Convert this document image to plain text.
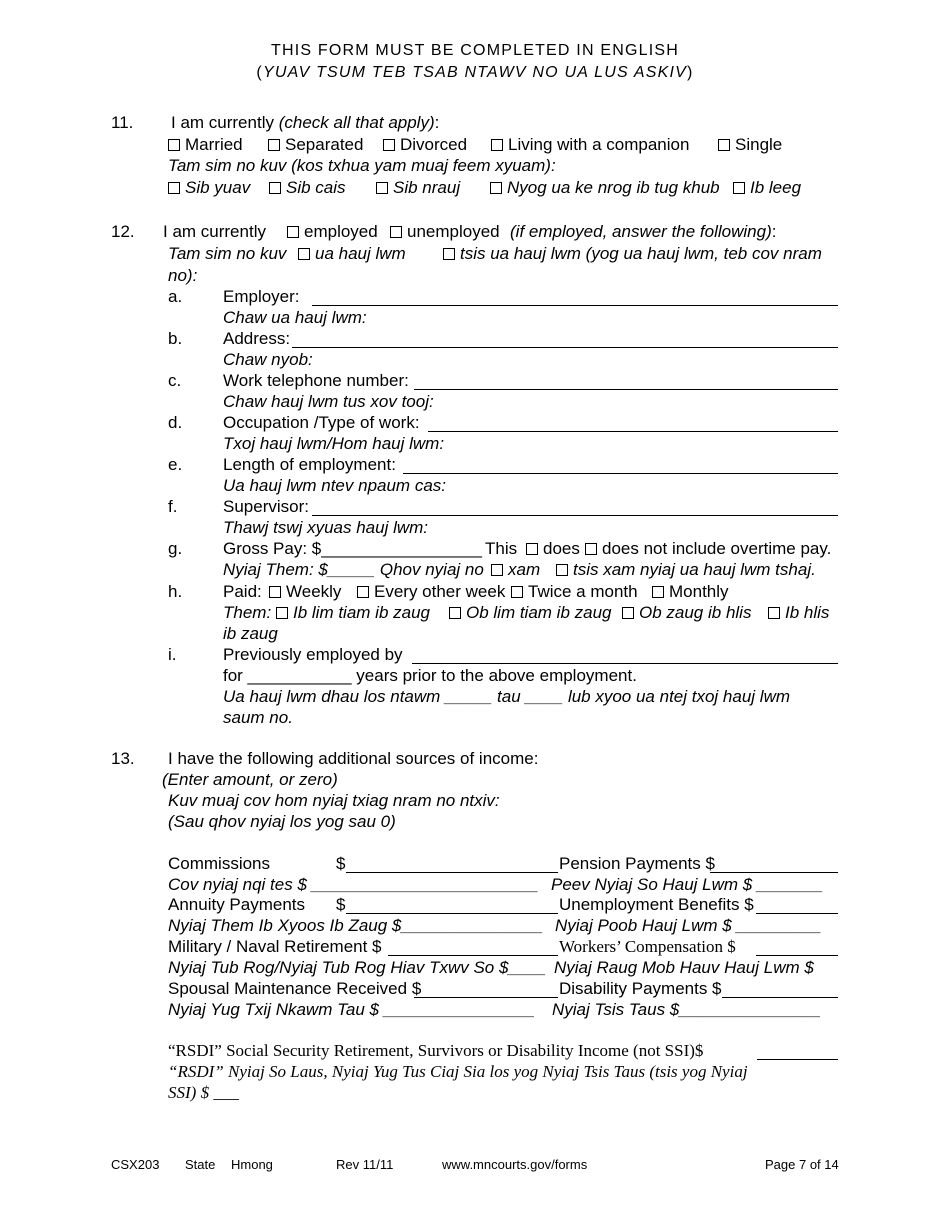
THIS FORM MUST BE COMPLETED IN ENGLISH
(YUAV TSUM TEB TSAB NTAWV NO UA LUS ASKIV)
11. I am currently (check all that apply):
Married	Separated	Divorced	Living with a companion	Single
Tam sim no kuv (kos txhua yam muaj feem xyuam):
Sib yuav	Sib cais	Sib nrauj	Nyog ua ke nrog ib tug khub	Ib leeg
12. I am currently	employed	unemployed (if employed, answer the following):
Tam sim no kuv	ua hauj lwm	tsis ua hauj lwm (yog ua hauj lwm, teb cov nram
no):
a. Employer:
Chaw ua hauj lwm:
b. Address:
Chaw nyob:
c. Work telephone number:
Chaw hauj lwm tus xov tooj:
d. Occupation /Type of work:
Txoj hauj lwm/Hom hauj lwm:
e. Length of employment:
Ua hauj lwm ntev npaum cas:
f.	Supervisor:
Thawj tswj xyuas hauj lwm:
g. Gross Pay: $_________________ This	does	does not include overtime pay.
Nyiaj Them: $_____ Qhov nyiaj no	xam	tsis xam nyiaj ua hauj lwm tshaj.
h. Paid:	Weekly	Every other week	Twice a month	Monthly
Them:	Ib lim tiam ib zaug	Ob lim tiam ib zaug	Ob zaug ib hlis	Ib hlis
ib zaug
i.	Previously employed by
for ___________ years prior to the above employment.
Ua hauj lwm dhau los ntawm _____ tau ____ lub xyoo ua ntej txoj hauj lwm
saum no.
13. I have the following additional sources of income:
(Enter amount, or zero)
Kuv muaj cov hom nyiaj txiag nram no ntxiv:
(Sau qhov nyiaj los yog sau 0)
Commissions	$	Pension Payments $
Cov nyiaj nqi tes $ ________________________ Peev Nyiaj So Hauj Lwm $ _______
Annuity Payments $	Unemployment Benefits $
Nyiaj Them Ib Xyoos Ib Zaug $_______________ Nyiaj Poob Hauj Lwm $ _________
Military / Naval Retirement $	Workers’ Compensation $
Nyiaj Tub Rog/Nyiaj Tub Rog Hiav Txwv So $____ Nyiaj Raug Mob Hauv Hauj Lwm $
Spousal Maintenance Received $	Disability Payments $
Nyiaj Yug Txij Nkawm Tau $ ________________ Nyiaj Tsis Taus $_______________
“RSDI” Social Security Retirement, Survivors or Disability Income (not SSI)$
“RSDI” Nyiaj So Laus, Nyiaj Yug Tus Ciaj Sia los yog Nyiaj Tsis Taus (tsis yog Nyiaj
SSI) $ ___
CSX203 State Hmong	Rev 11/11	www.mncourts.gov/forms	Page 7 of 14
